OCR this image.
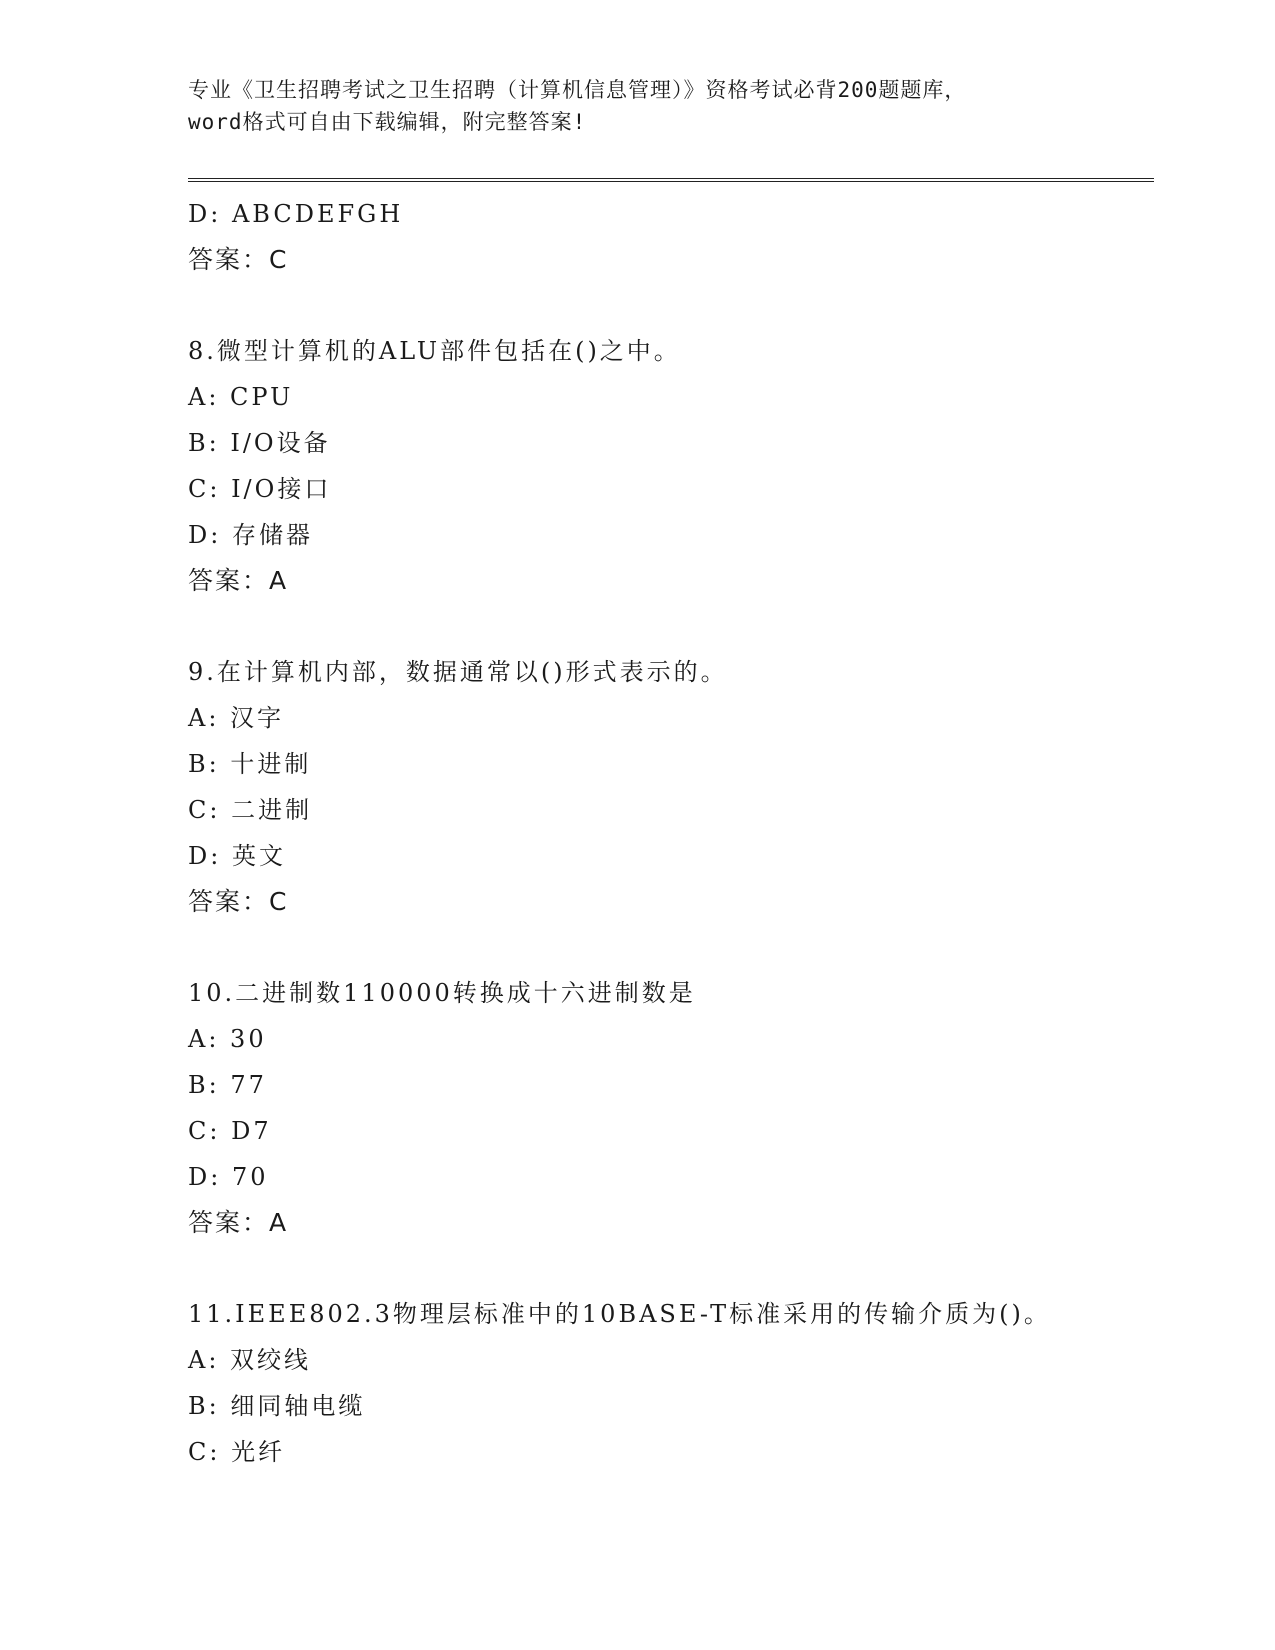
专业《卫生招聘考试之卫生招聘（计算机信息管理）》资格考试必背200题题库，
word格式可自由下载编辑，附完整答案!
D: ABCDEFGH
答案：C
8.微型计算机的ALU部件包括在()之中。
A: CPU
B: I/O设备
C: I/O接口
D: 存储器
答案：A
9.在计算机内部，数据通常以()形式表示的。
A: 汉字
B: 十进制
C: 二进制
D: 英文
答案：C
10.二进制数110000转换成十六进制数是
A: 30
B: 77
C: D7
D: 70
答案：A
11.IEEE802.3物理层标准中的10BASE-T标准采用的传输介质为()。
A: 双绞线
B: 细同轴电缆
C: 光纤
